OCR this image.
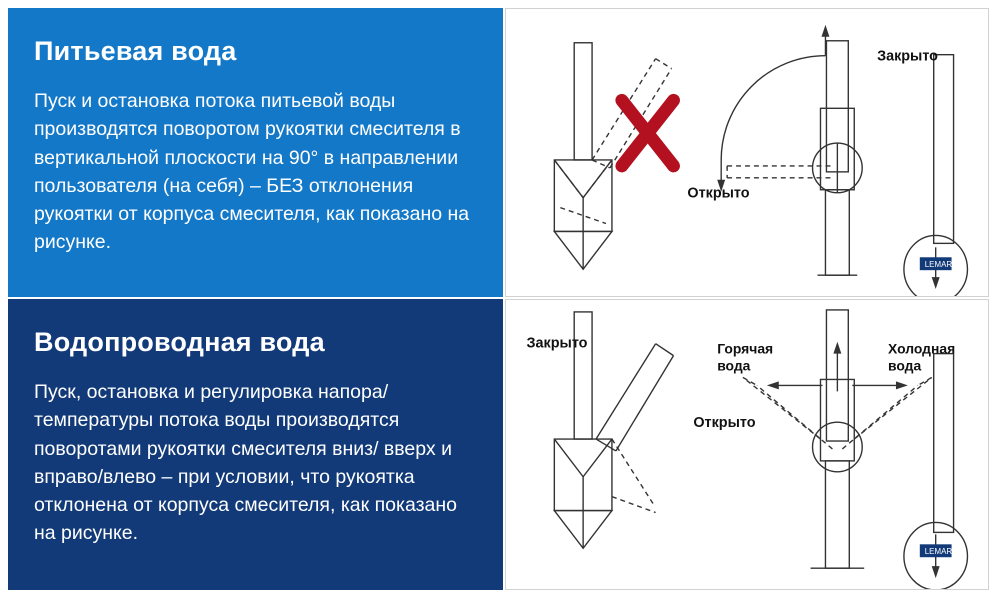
Питьевая вода

Пуск и остановка потока питьевой воды производятся поворотом рукоятки смесителя в вертикальной плоскости на 90° в направлении пользователя (на себя) – БЕЗ отклонения рукоятки от корпуса смесителя, как показано на рисунке.

Водопроводная вода

Пуск, остановка и регулировка напора/ температуры потока воды производятся поворотами рукоятки смесителя вниз/ вверх и вправо/влево – при условии, что рукоятка отклонена от корпуса смесителя, как показано на рисунке.

LEMARK
Закрыто
Открыто
LEMARK
Закрыто
Открыто
Горячая вода
Холодная вода
